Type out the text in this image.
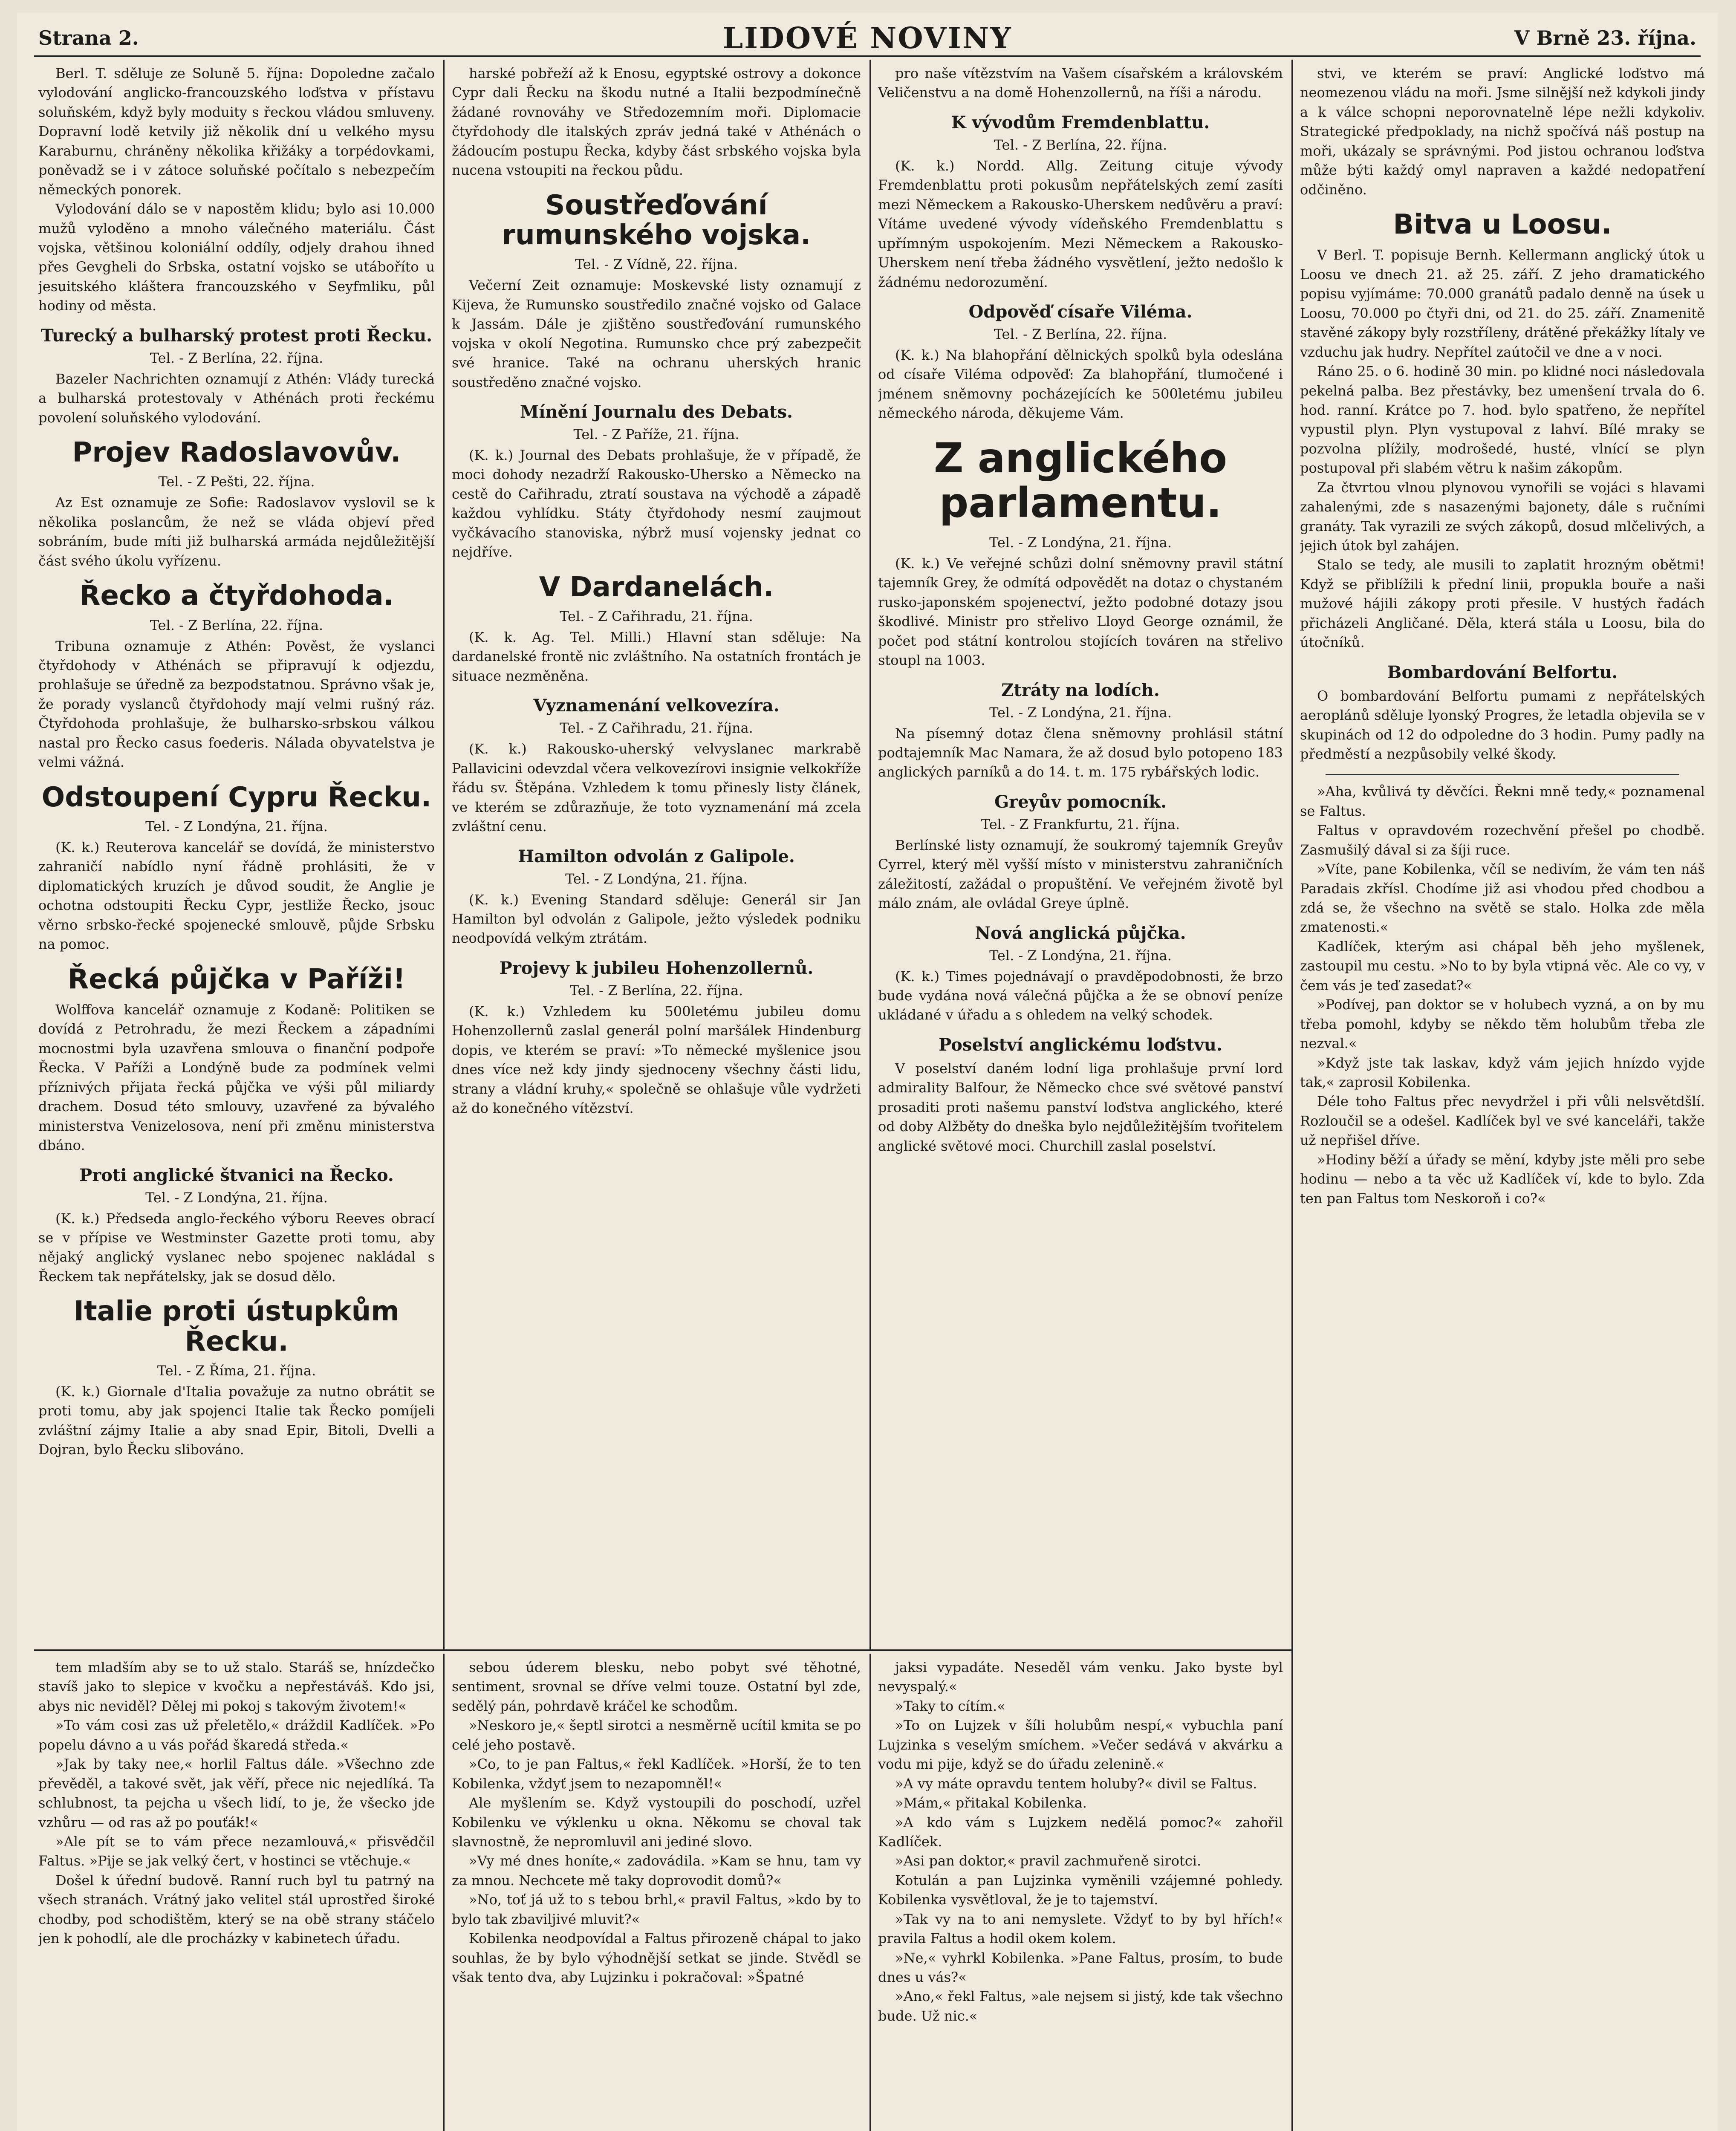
Strana 2.	LIDOVÉ NOVINY	V Brně 23. října.

Berl. T. sděluje ze Soluně 5. října: Dopoledne začalo vylodování anglicko-francouzského loďstva v přístavu soluňském, když byly moduity s řeckou vládou smluveny. Dopravní lodě ketvily již několik dní u velkého mysu Karaburnu, chráněny několika křižáky a torpédovkami, poněvadž se i v zátoce soluňské počítalo s nebezpečím německých ponorek.

Vylodování dálo se v napostěm klidu; bylo asi 10.000 mužů vyloděno a mnoho válečného materiálu. Část vojska, většinou koloniální oddíly, odjely drahou ihned přes Gevgheli do Srbska, ostatní vojsko se utáboříto u jesuitského kláštera francouzského v Seyfmliku, půl hodiny od města.

Turecký a bulharský protest proti Řecku.
Tel. - Z Berlína, 22. října.

Bazeler Nachrichten oznamují z Athén: Vlády turecká a bulharská protestovaly v Athénách proti řeckému povolení soluňského vylodování.

Projev Radoslavovův.
Tel. - Z Pešti, 22. října.

Az Est oznamuje ze Sofie: Radoslavov vyslovil se k několika poslancům, že než se vláda objeví před sobráním, bude míti již bulharská armáda nejdůležitější část svého úkolu vyřízenu.

Řecko a čtyřdohoda.
Tel. - Z Berlína, 22. října.

Tribuna oznamuje z Athén: Pověst, že vyslanci čtyřdohody v Athénách se připravují k odjezdu, prohlašuje se úředně za bezpodstatnou. Správno však je, že porady vyslanců čtyřdohody mají velmi rušný ráz. Čtyřdohoda prohlašuje, že bulharsko-srbskou válkou nastal pro Řecko casus foederis. Nálada obyvatelstva je velmi vážná.

Odstoupení Cypru Řecku.
Tel. - Z Londýna, 21. října.

(K. k.) Reuterova kancelář se dovídá, že ministerstvo zahraničí nabídlo nyní řádně prohlásiti, že v diplomatických kruzích je důvod soudit, že Anglie je ochotna odstoupiti Řecku Cypr, jestliže Řecko, jsouc věrno srbsko-řecké spojenecké smlouvě, půjde Srbsku na pomoc.

Řecká půjčka v Paříži!

Wolffova kancelář oznamuje z Kodaně: Politiken se dovídá z Petrohradu, že mezi Řeckem a západními mocnostmi byla uzavřena smlouva o finanční podpoře Řecka. V Paříži a Londýně bude za podmínek velmi příznivých přijata řecká půjčka ve výši půl miliardy drachem. Dosud této smlouvy, uzavřené za bývalého ministerstva Venizelosova, není při změnu ministerstva dbáno.

Proti anglické štvanici na Řecko.
Tel. - Z Londýna, 21. října.

(K. k.) Předseda anglo-řeckého výboru Reeves obrací se v přípise ve Westminster Gazette proti tomu, aby nějaký anglický vyslanec nebo spojenec nakládal s Řeckem tak nepřátelsky, jak se dosud dělo.

Italie proti ústupkům Řecku.
Tel. - Z Říma, 21. října.

(K. k.) Giornale d'Italia považuje za nutno obrátit se proti tomu, aby jak spojenci Italie tak Řecko pomíjeli zvláštní zájmy Italie a aby snad Epir, Bitoli, Dvelli a Dojran, bylo Řecku slibováno.

harské pobřeží až k Enosu, egyptské ostrovy a dokonce Cypr dali Řecku na škodu nutné a Italii bezpodmínečně žádané rovnováhy ve Středozemním moři. Diplomacie čtyřdohody dle italských zpráv jedná také v Athénách o žádoucím postupu Řecka, kdyby část srbského vojska byla nucena vstoupiti na řeckou půdu.

Soustřeďování rumunského vojska.
Tel. - Z Vídně, 22. října.

Večerní Zeit oznamuje: Moskevské listy oznamují z Kijeva, že Rumunsko soustředilo značné vojsko od Galace k Jassám. Dále je zjištěno soustřeďování rumunského vojska v okolí Negotina. Rumunsko chce prý zabezpečit své hranice. Také na ochranu uherských hranic soustředěno značné vojsko.

Mínění Journalu des Debats.
Tel. - Z Paříže, 21. října.

(K. k.) Journal des Debats prohlašuje, že v případě, že moci dohody nezadrží Rakousko-Uhersko a Německo na cestě do Cařihradu, ztratí soustava na východě a západě každou vyhlídku. Státy čtyřdohody nesmí zaujmout vyčkávacího stanoviska, nýbrž musí vojensky jednat co nejdříve.

V Dardanelách.
Tel. - Z Cařihradu, 21. října.

(K. k. Ag. Tel. Milli.) Hlavní stan sděluje: Na dardanelské frontě nic zvláštního. Na ostatních frontách je situace nezměněna.

Vyznamenání velkovezíra.
Tel. - Z Cařihradu, 21. října.

(K. k.) Rakousko-uherský velvyslanec markrabě Pallavicini odevzdal včera velkovezírovi insignie velkokříže řádu sv. Štěpána. Vzhledem k tomu přinesly listy článek, ve kterém se zdůrazňuje, že toto vyznamenání má zcela zvláštní cenu.

Hamilton odvolán z Galipole.
Tel. - Z Londýna, 21. října.

(K. k.) Evening Standard sděluje: Generál sir Jan Hamilton byl odvolán z Galipole, ježto výsledek podniku neodpovídá velkým ztrátám.

Projevy k jubileu Hohenzollernů.
Tel. - Z Berlína, 22. října.

(K. k.) Vzhledem ku 500letému jubileu domu Hohenzollernů zaslal generál polní maršálek Hindenburg dopis, ve kterém se praví: »To německé myšlenice jsou dnes více než kdy jindy sjednoceny všechny části lidu, strany a vládní kruhy,« společně se ohlašuje vůle vydržeti až do konečného vítězství.

pro naše vítězstvím na Vašem císařském a královském Veličenstvu a na domě Hohenzollernů, na říši a národu.

K vývodům Fremdenblattu.
Tel. - Z Berlína, 22. října.

(K. k.) Nordd. Allg. Zeitung cituje vývody Fremdenblattu proti pokusům nepřátelských zemí zasíti mezi Německem a Rakousko-Uherskem nedůvěru a praví: Vítáme uvedené vývody vídeňského Fremdenblattu s upřímným uspokojením. Mezi Německem a Rakousko-Uherskem není třeba žádného vysvětlení, ježto nedošlo k žádnému nedorozumění.

Odpověď císaře Viléma.
Tel. - Z Berlína, 22. října.

(K. k.) Na blahopřání dělnických spolků byla odeslána od císaře Viléma odpověď: Za blahopřání, tlumočené i jménem sněmovny pocházejících ke 500letému jubileu německého národa, děkujeme Vám.

Z anglického parlamentu.
Tel. - Z Londýna, 21. října.

(K. k.) Ve veřejné schůzi dolní sněmovny pravil státní tajemník Grey, že odmítá odpovědět na dotaz o chystaném rusko-japonském spojenectví, ježto podobné dotazy jsou škodlivé. Ministr pro střelivo Lloyd George oznámil, že počet pod státní kontrolou stojících továren na střelivo stoupl na 1003.

Ztráty na lodích.
Tel. - Z Londýna, 21. října.

Na písemný dotaz člena sněmovny prohlásil státní podtajemník Mac Namara, že až dosud bylo potopeno 183 anglických parníků a do 14. t. m. 175 rybářských lodic.

Greyův pomocník.
Tel. - Z Frankfurtu, 21. října.

Berlínské listy oznamují, že soukromý tajemník Greyův Cyrrel, který měl vyšší místo v ministerstvu zahraničních záležitostí, zažádal o propuštění. Ve veřejném životě byl málo znám, ale ovládal Greye úplně.

Nová anglická půjčka.
Tel. - Z Londýna, 21. října.

(K. k.) Times pojednávají o pravděpodobnosti, že brzo bude vydána nová válečná půjčka a že se obnoví peníze ukládané v úřadu a s ohledem na velký schodek.

Poselství anglickému loďstvu.

V poselství daném lodní liga prohlašuje první lord admirality Balfour, že Německo chce své světové panství prosaditi proti našemu panství loďstva anglického, které od doby Alžběty do dneška bylo nejdůležitějším tvořitelem anglické světové moci. Churchill zaslal poselství.

stvi, ve kterém se praví: Anglické loďstvo má neomezenou vládu na moři. Jsme silnější než kdykoli jindy a k válce schopni neporovnatelně lépe nežli kdykoliv. Strategické předpoklady, na nichž spočívá náš postup na moři, ukázaly se správnými. Pod jistou ochranou loďstva může býti každý omyl napraven a každé nedopatření odčiněno.

Bitva u Loosu.

V Berl. T. popisuje Bernh. Kellermann anglický útok u Loosu ve dnech 21. až 25. září. Z jeho dramatického popisu vyjímáme: 70.000 granátů padalo denně na úsek u Loosu, 70.000 po čtyři dni, od 21. do 25. září. Znamenitě stavěné zákopy byly rozstříleny, drátěné překážky lítaly ve vzduchu jak hudry. Nepřítel zaútočil ve dne a v noci.

Ráno 25. o 6. hodině 30 min. po klidné noci následovala pekelná palba. Bez přestávky, bez umenšení trvala do 6. hod. ranní. Krátce po 7. hod. bylo spatřeno, že nepřítel vypustil plyn. Plyn vystupoval z lahví. Bílé mraky se pozvolna plížily, modrošedé, husté, vlnící se plyn postupoval při slabém větru k našim zákopům.

Za čtvrtou vlnou plynovou vynořili se vojáci s hlavami zahalenými, zde s nasazenými bajonety, dále s ručními granáty. Tak vyrazili ze svých zákopů, dosud mlčelivých, a jejich útok byl zahájen.

Stalo se tedy, ale musili to zaplatit hrozným obětmi! Když se přiblížili k přední linii, propukla bouře a naši mužové hájili zákopy proti přesile. V hustých řadách přicházeli Angličané. Děla, která stála u Loosu, bila do útočníků.

Bombardování Belfortu.

O bombardování Belfortu pumami z nepřátelských aeroplánů sděluje lyonský Progres, že letadla objevila se v skupinách od 12 do odpoledne do 3 hodin. Pumy padly na předměstí a nezpůsobily velké škody.

»Aha, kvůlivá ty děvčíci. Řekni mně tedy,« poznamenal se Faltus.

Faltus v opravdovém rozechvění přešel po chodbě. Zasmušilý dával si za šíji ruce.

»Víte, pane Kobilenka, včíl se nedivím, že vám ten náš Paradais zkřísl. Chodíme již asi vhodou před chodbou a zdá se, že všechno na světě se stalo. Holka zde měla zmatenosti.«

Kadlíček, kterým asi chápal běh jeho myšlenek, zastoupil mu cestu. »No to by byla vtipná věc. Ale co vy, v čem vás je teď zasedat?«

»Podívej, pan doktor se v holubech vyzná, a on by mu třeba pomohl, kdyby se někdo těm holubům třeba zle nezval.«

»Když jste tak laskav, když vám jejich hnízdo vyjde tak,« zaprosil Kobilenka.

Déle toho Faltus přec nevydržel i při vůli nelsvětdšlí. Rozloučil se a odešel. Kadlíček byl ve své kanceláři, takže už nepřišel dříve.

»Hodiny běží a úřady se mění, kdyby jste měli pro sebe hodinu — nebo a ta věc už Kadlíček ví, kde to bylo. Zda ten pan Faltus tom Neskoroň i co?«

tem mladším aby se to už stalo. Staráš se, hnízdečko stavíš jako to slepice v kvočku a nepřestáváš. Kdo jsi, abys nic neviděl? Dělej mi pokoj s takovým životem!«

»To vám cosi zas už přeletělo,« dráždil Kadlíček. »Po popelu dávno a u vás pořád škaredá středa.«

»Jak by taky nee,« horlil Faltus dále. »Všechno zde převěděl, a takové svět, jak věří, přece nic nejedlíká. Ta schlubnost, ta pejcha u všech lidí, to je, že všecko jde vzhůru — od ras až po pouťák!«

»Ale pít se to vám přece nezamlouvá,« přisvědčil Faltus. »Pije se jak velký čert, v hostinci se vtěchuje.«

Došel k úřední budově. Ranní ruch byl tu patrný na všech stranách. Vrátný jako velitel stál uprostřed široké chodby, pod schodištěm, který se na obě strany stáčelo jen k pohodlí, ale dle procházky v kabinetech úřadu.

sebou úderem blesku, nebo pobyt své těhotné, sentiment, srovnal se dříve velmi touze. Ostatní byl zde, sedělý pán, pohrdavě kráčel ke schodům.

»Neskoro je,« šeptl sirotci a nesměrně ucítil kmita se po celé jeho postavě.

»Co, to je pan Faltus,« řekl Kadlíček. »Horší, že to ten Kobilenka, vždyť jsem to nezapomněl!«

Ale myšlením se. Když vystoupili do poschodí, uzřel Kobilenku ve výklenku u okna. Někomu se choval tak slavnostně, že nepromluvil ani jediné slovo.

»Vy mé dnes honíte,« zadovádila. »Kam se hnu, tam vy za mnou. Nechcete mě taky doprovodit domů?«

»No, toť já už to s tebou brhl,« pravil Faltus, »kdo by to bylo tak zbaviljivé mluvit?«

Kobilenka neodpovídal a Faltus přirozeně chápal to jako souhlas, že by bylo výhodnější setkat se jinde. Stvědl se však tento dva, aby Lujzinku i pokračoval: »Špatné

jaksi vypadáte. Neseděl vám venku. Jako byste byl nevyspalý.«

»Taky to cítím.«

»To on Lujzek v šíli holubům nespí,« vybuchla paní Lujzinka s veselým smíchem. »Večer sedává v akvárku a vodu mi pije, když se do úřadu zelenině.«

»A vy máte opravdu tentem holuby?« divil se Faltus.

»Mám,« přitakal Kobilenka.

»A kdo vám s Lujzkem nedělá pomoc?« zahořil Kadlíček.

»Asi pan doktor,« pravil zachmuřeně sirotci.

Kotulán a pan Lujzinka vyměnili vzájemné pohledy. Kobilenka vysvětloval, že je to tajemství.

»Tak vy na to ani nemyslete. Vždyť to by byl hřích!« pravila Faltus a hodil okem kolem.

»Ne,« vyhrkl Kobilenka. »Pane Faltus, prosím, to bude dnes u vás?«

»Ano,« řekl Faltus, »ale nejsem si jistý, kde tak všechno bude. Už nic.«
